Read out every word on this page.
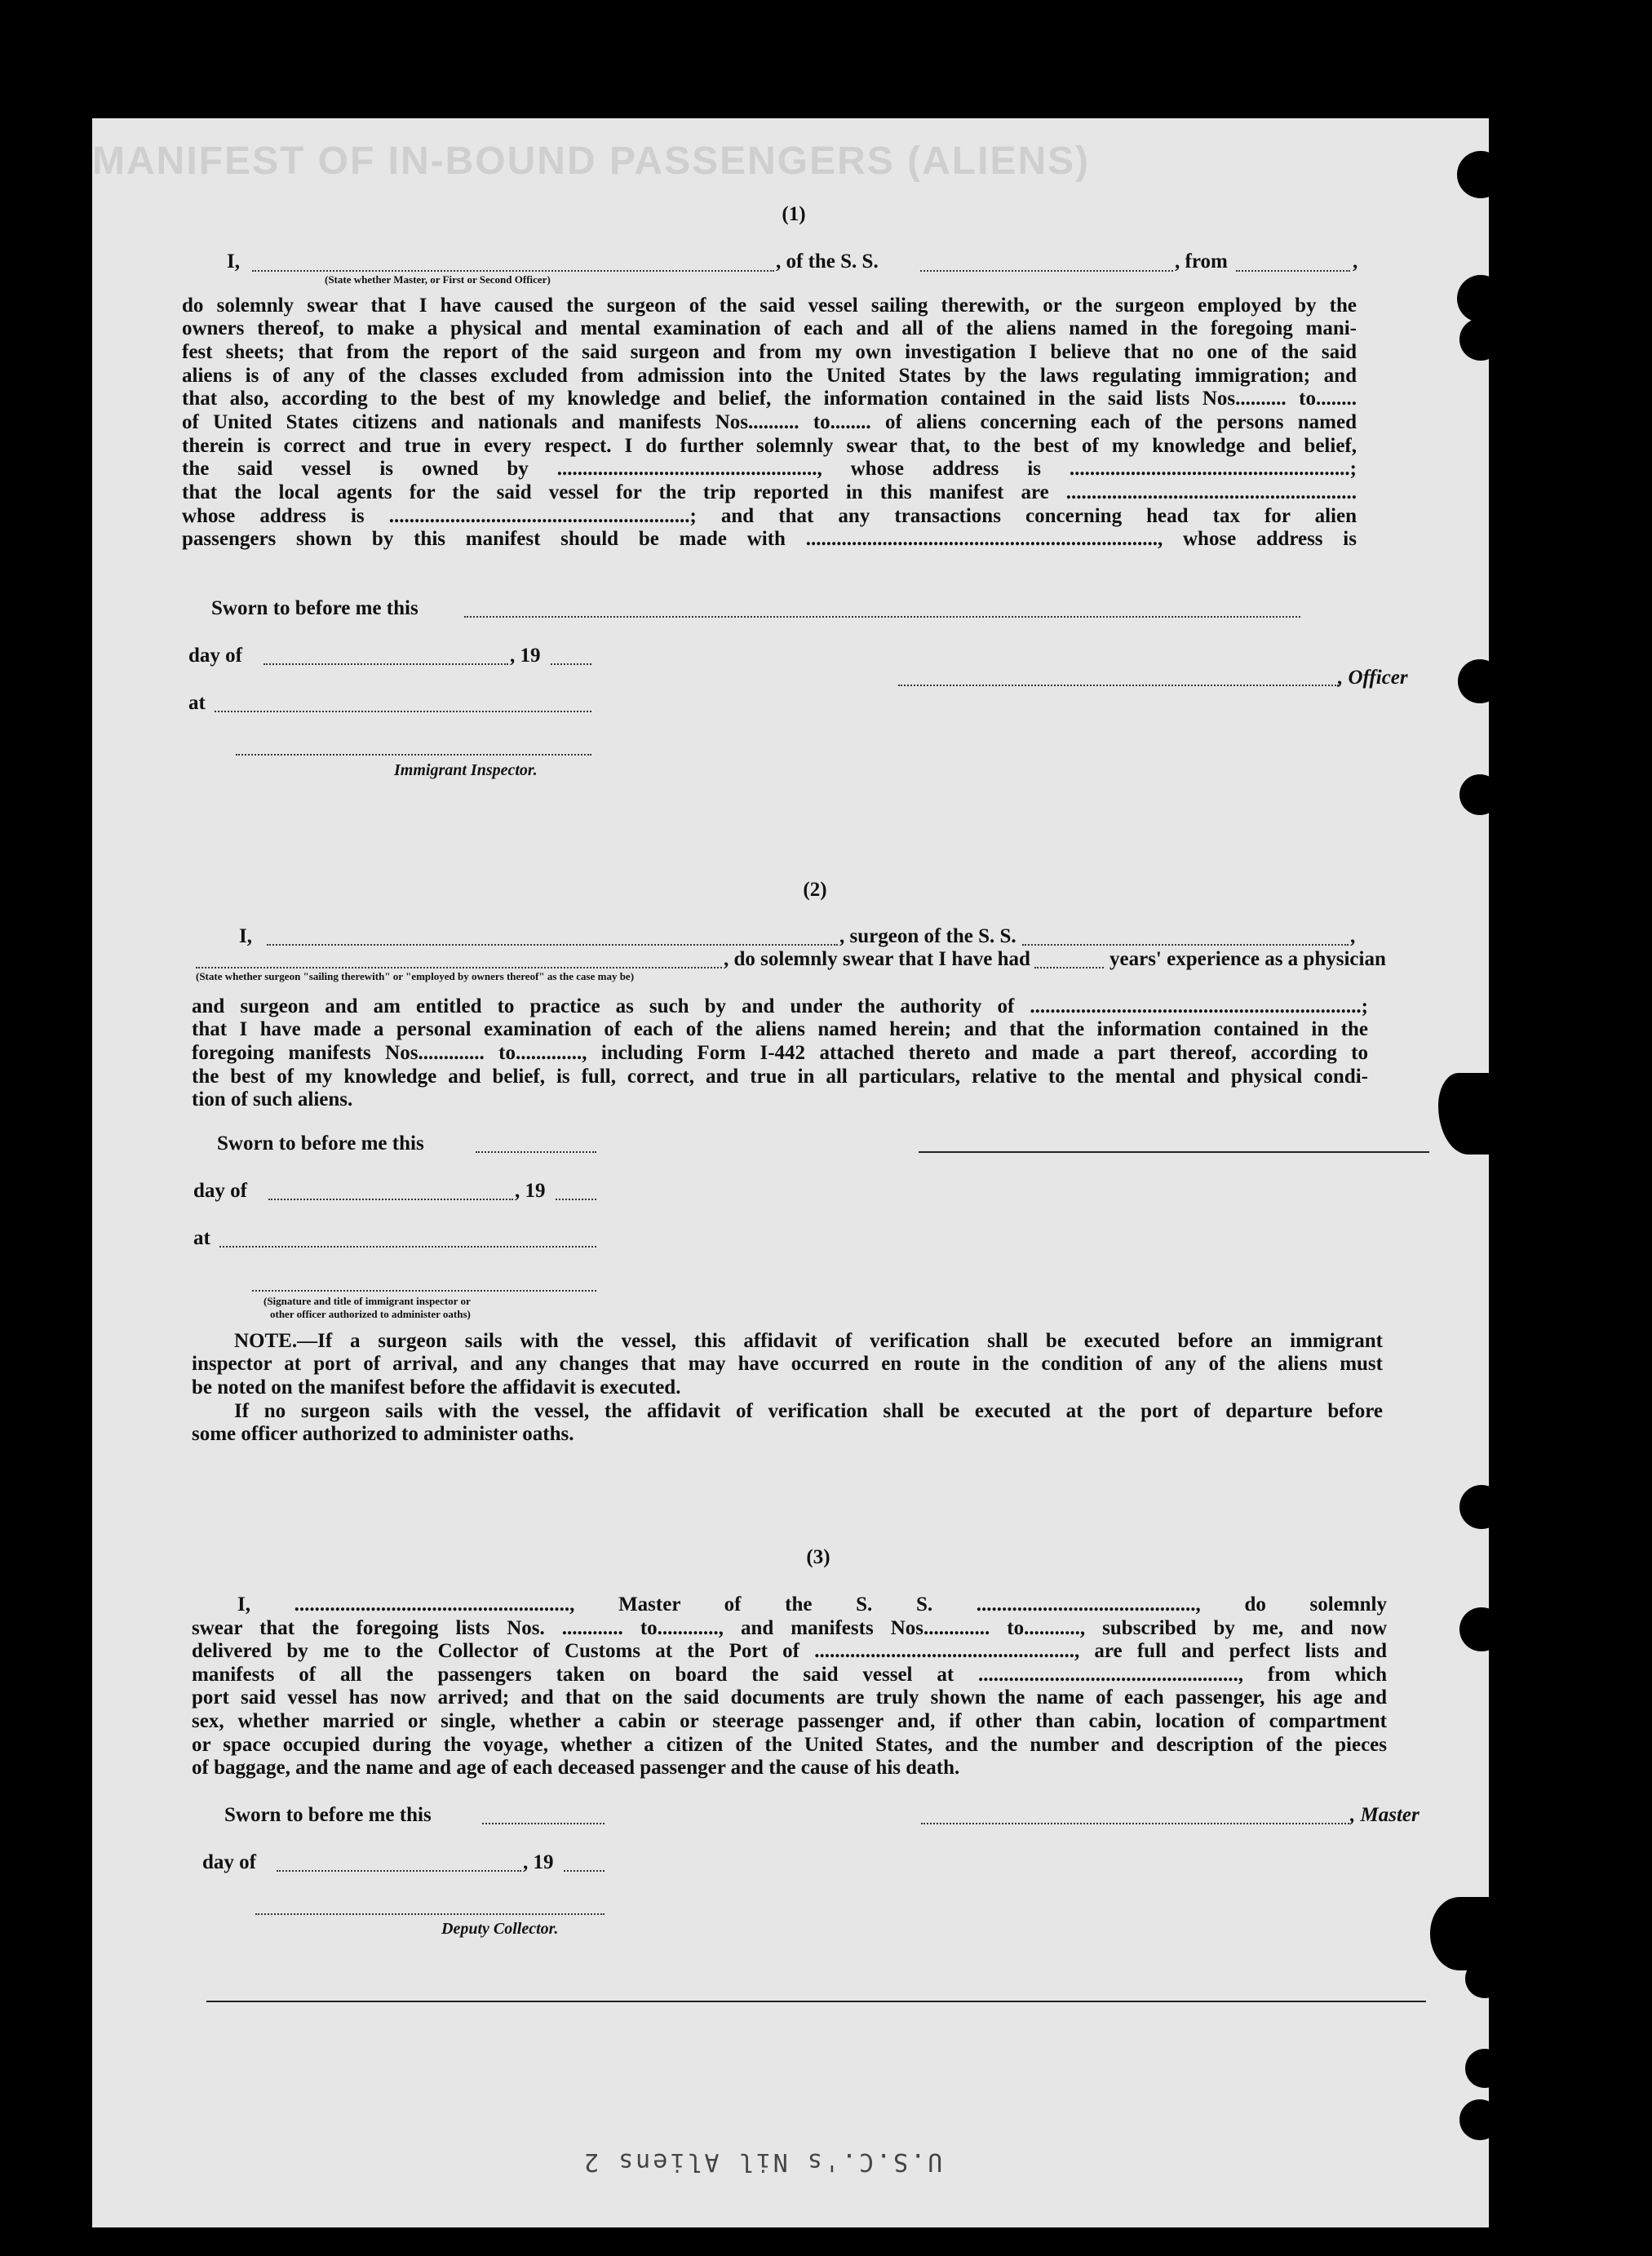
MANIFEST OF IN-BOUND PASSENGERS (ALIENS)
(1)
I,	, of the S. S.	, from	,
(State whether Master, or First or Second Officer)
do solemnly swear that I have caused the surgeon of the said vessel sailing therewith, or the surgeon employed by the
owners thereof, to make a physical and mental examination of each and all of the aliens named in the foregoing mani-
fest sheets; that from the report of the said surgeon and from my own investigation I believe that no one of the said
aliens is of any of the classes excluded from admission into the United States by the laws regulating immigration; and
that also, according to the best of my knowledge and belief, the information contained in the said lists Nos.......... to........
of United States citizens and nationals and manifests Nos.......... to........ of aliens concerning each of the persons named
therein is correct and true in every respect. I do further solemnly swear that, to the best of my knowledge and belief,
the said vessel is owned by ..................................................., whose address is .......................................................;
that the local agents for the said vessel for the trip reported in this manifest are .........................................................
whose address is ...........................................................; and that any transactions concerning head tax for alien
passengers shown by this manifest should be made with ....................................................................., whose address is
Sworn to before me this
day of	, 19
, Officer
at
Immigrant Inspector.
(2)
I,	, surgeon of the S. S.	,
, do solemnly swear that I have had	years' experience as a physician
(State whether surgeon "sailing therewith" or "employed by owners thereof" as the case may be)
and surgeon and am entitled to practice as such by and under the authority of .................................................................;
that I have made a personal examination of each of the aliens named herein; and that the information contained in the
foregoing manifests Nos............. to............., including Form I-442 attached thereto and made a part thereof, according to
the best of my knowledge and belief, is full, correct, and true in all particulars, relative to the mental and physical condi-
tion of such aliens.
Sworn to before me this
day of	, 19
at
(Signature and title of immigrant inspector or
other officer authorized to administer oaths)
NOTE.—If a surgeon sails with the vessel, this affidavit of verification shall be executed before an immigrant
inspector at port of arrival, and any changes that may have occurred en route in the condition of any of the aliens must
be noted on the manifest before the affidavit is executed.
If no surgeon sails with the vessel, the affidavit of verification shall be executed at the port of departure before
some officer authorized to administer oaths.
(3)
I, ......................................................, Master of the S. S. ..........................................., do solemnly
swear that the foregoing lists Nos. ............ to............, and manifests Nos............. to..........., subscribed by me, and now
delivered by me to the Collector of Customs at the Port of ..................................................., are full and perfect lists and
manifests of all the passengers taken on board the said vessel at ..................................................., from which
port said vessel has now arrived; and that on the said documents are truly shown the name of each passenger, his age and
sex, whether married or single, whether a cabin or steerage passenger and, if other than cabin, location of compartment
or space occupied during the voyage, whether a citizen of the United States, and the number and description of the pieces
of baggage, and the name and age of each deceased passenger and the cause of his death.
Sworn to before me this	, Master
day of	, 19
Deputy Collector.
U.S.C.'s Nil Aliens 2
